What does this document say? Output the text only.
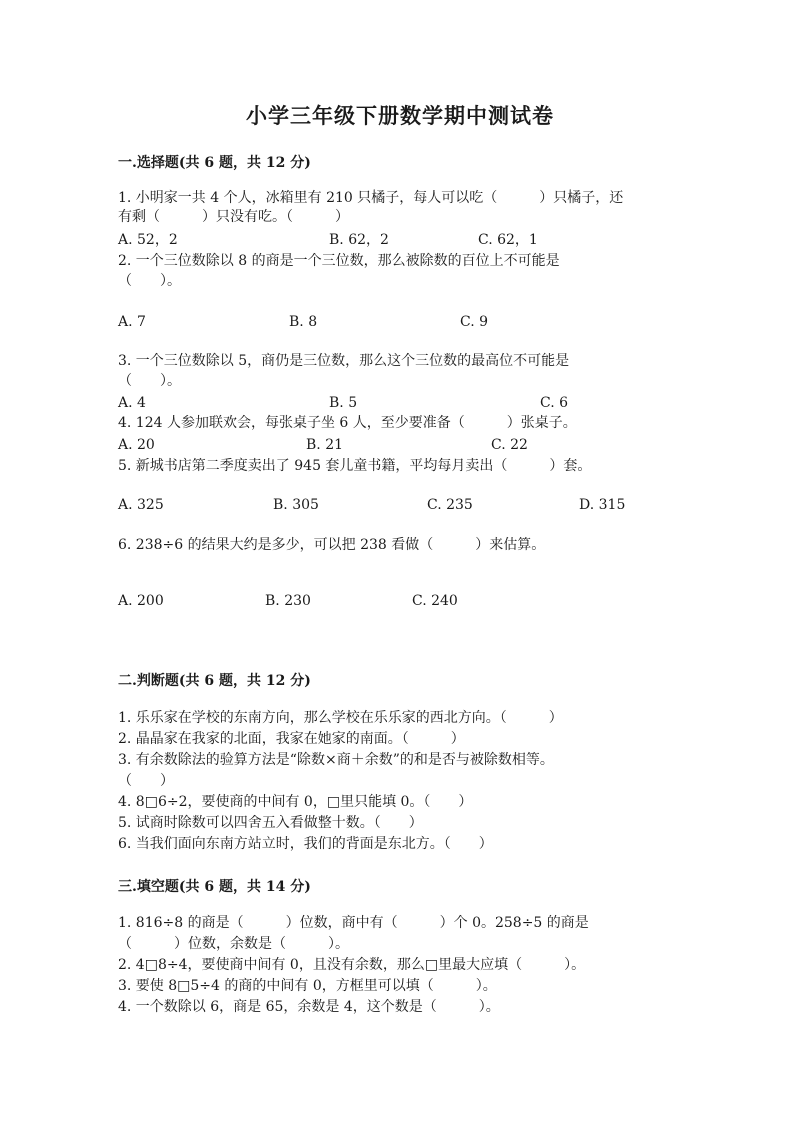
小学三年级下册数学期中测试卷
一.选择题(共 6 题，共 12 分)
1. 小明家一共 4 个人，冰箱里有 210 只橘子，每人可以吃（　　　）只橘子，还
有剩（　　　）只没有吃。（　　　）
A. 52，2	B. 62，2	C. 62，1
2. 一个三位数除以 8 的商是一个三位数，那么被除数的百位上不可能是
（　　）。
A. 7	B. 8	C. 9
3. 一个三位数除以 5，商仍是三位数，那么这个三位数的最高位不可能是
（　　）。
A. 4	B. 5	C. 6
4. 124 人参加联欢会，每张桌子坐 6 人，至少要准备（　　　）张桌子。
A. 20	B. 21	C. 22
5. 新城书店第二季度卖出了 945 套儿童书籍，平均每月卖出（　　　）套。
A. 325	B. 305	C. 235	D. 315
6. 238÷6 的结果大约是多少，可以把 238 看做（　　　）来估算。
A. 200	B. 230	C. 240
二.判断题(共 6 题，共 12 分)
1. 乐乐家在学校的东南方向，那么学校在乐乐家的西北方向。（　　　）
2. 晶晶家在我家的北面，我家在她家的南面。（　　　）
3. 有余数除法的验算方法是“除数×商＋余数”的和是否与被除数相等。
（　　）
4. 8□6÷2，要使商的中间有 0，□里只能填 0。（　　）
5. 试商时除数可以四舍五入看做整十数。（　　）
6. 当我们面向东南方站立时，我们的背面是东北方。（　　）
三.填空题(共 6 题，共 14 分)
1. 816÷8 的商是（　　　）位数，商中有（　　　）个 0。258÷5 的商是
（　　　）位数，余数是（　　　）。
2. 4□8÷4，要使商中间有 0，且没有余数，那么□里最大应填（　　　）。
3. 要使 8□5÷4 的商的中间有 0，方框里可以填（　　　）。
4. 一个数除以 6，商是 65，余数是 4，这个数是（　　　）。
